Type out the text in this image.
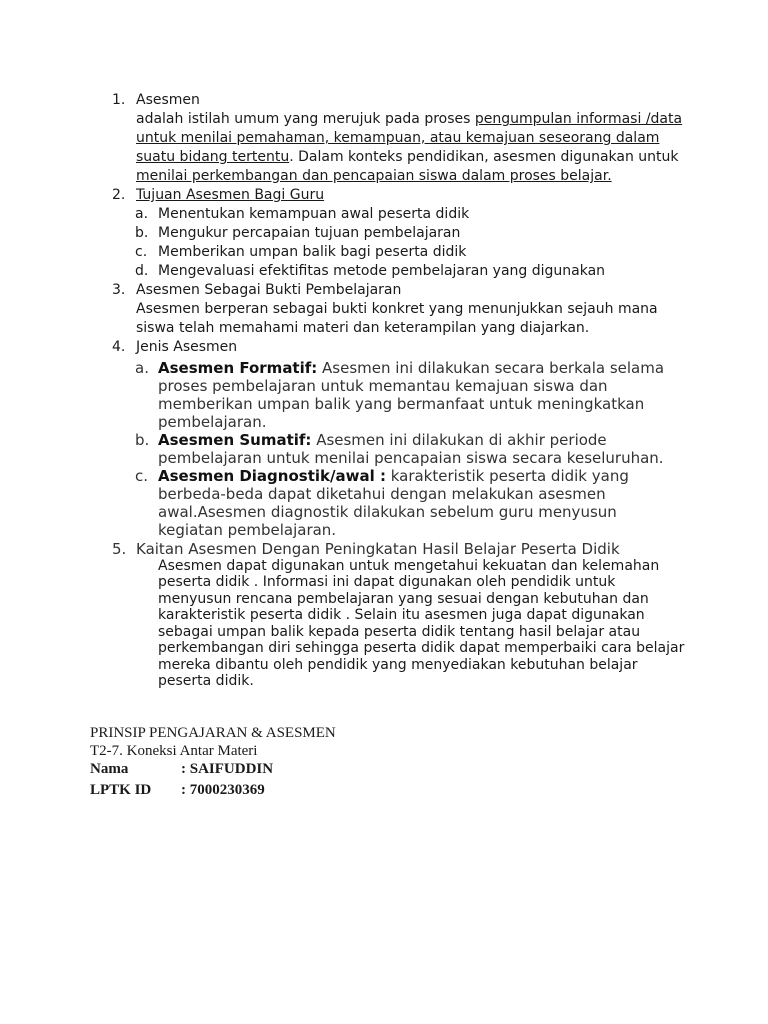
1. Asesmen
adalah istilah umum yang merujuk pada proses pengumpulan informasi /data
untuk menilai pemahaman, kemampuan, atau kemajuan seseorang dalam
suatu bidang tertentu. Dalam konteks pendidikan, asesmen digunakan untuk
menilai perkembangan dan pencapaian siswa dalam proses belajar.
2. Tujuan Asesmen Bagi Guru
a. Menentukan kemampuan awal peserta didik
b. Mengukur percapaian tujuan pembelajaran
c. Memberikan umpan balik bagi peserta didik
d. Mengevaluasi efektifitas metode pembelajaran yang digunakan
3. Asesmen Sebagai Bukti Pembelajaran
Asesmen berperan sebagai bukti konkret yang menunjukkan sejauh mana
siswa telah memahami materi dan keterampilan yang diajarkan.
4. Jenis Asesmen
a. Asesmen Formatif: Asesmen ini dilakukan secara berkala selama
proses pembelajaran untuk memantau kemajuan siswa dan
memberikan umpan balik yang bermanfaat untuk meningkatkan
pembelajaran.
b. Asesmen Sumatif: Asesmen ini dilakukan di akhir periode
pembelajaran untuk menilai pencapaian siswa secara keseluruhan.
c. Asesmen Diagnostik/awal : karakteristik peserta didik yang
berbeda-beda dapat diketahui dengan melakukan asesmen
awal.Asesmen diagnostik dilakukan sebelum guru menyusun
kegiatan pembelajaran.
5. Kaitan Asesmen Dengan Peningkatan Hasil Belajar Peserta Didik
Asesmen dapat digunakan untuk mengetahui kekuatan dan kelemahan
peserta didik . Informasi ini dapat digunakan oleh pendidik untuk
menyusun rencana pembelajaran yang sesuai dengan kebutuhan dan
karakteristik peserta didik . Selain itu asesmen juga dapat digunakan
sebagai umpan balik kepada peserta didik tentang hasil belajar atau
perkembangan diri sehingga peserta didik dapat memperbaiki cara belajar
mereka dibantu oleh pendidik yang menyediakan kebutuhan belajar
peserta didik.
PRINSIP PENGAJARAN & ASESMEN
T2-7. Koneksi Antar Materi
Nama	: SAIFUDDIN
LPTK ID : 7000230369
